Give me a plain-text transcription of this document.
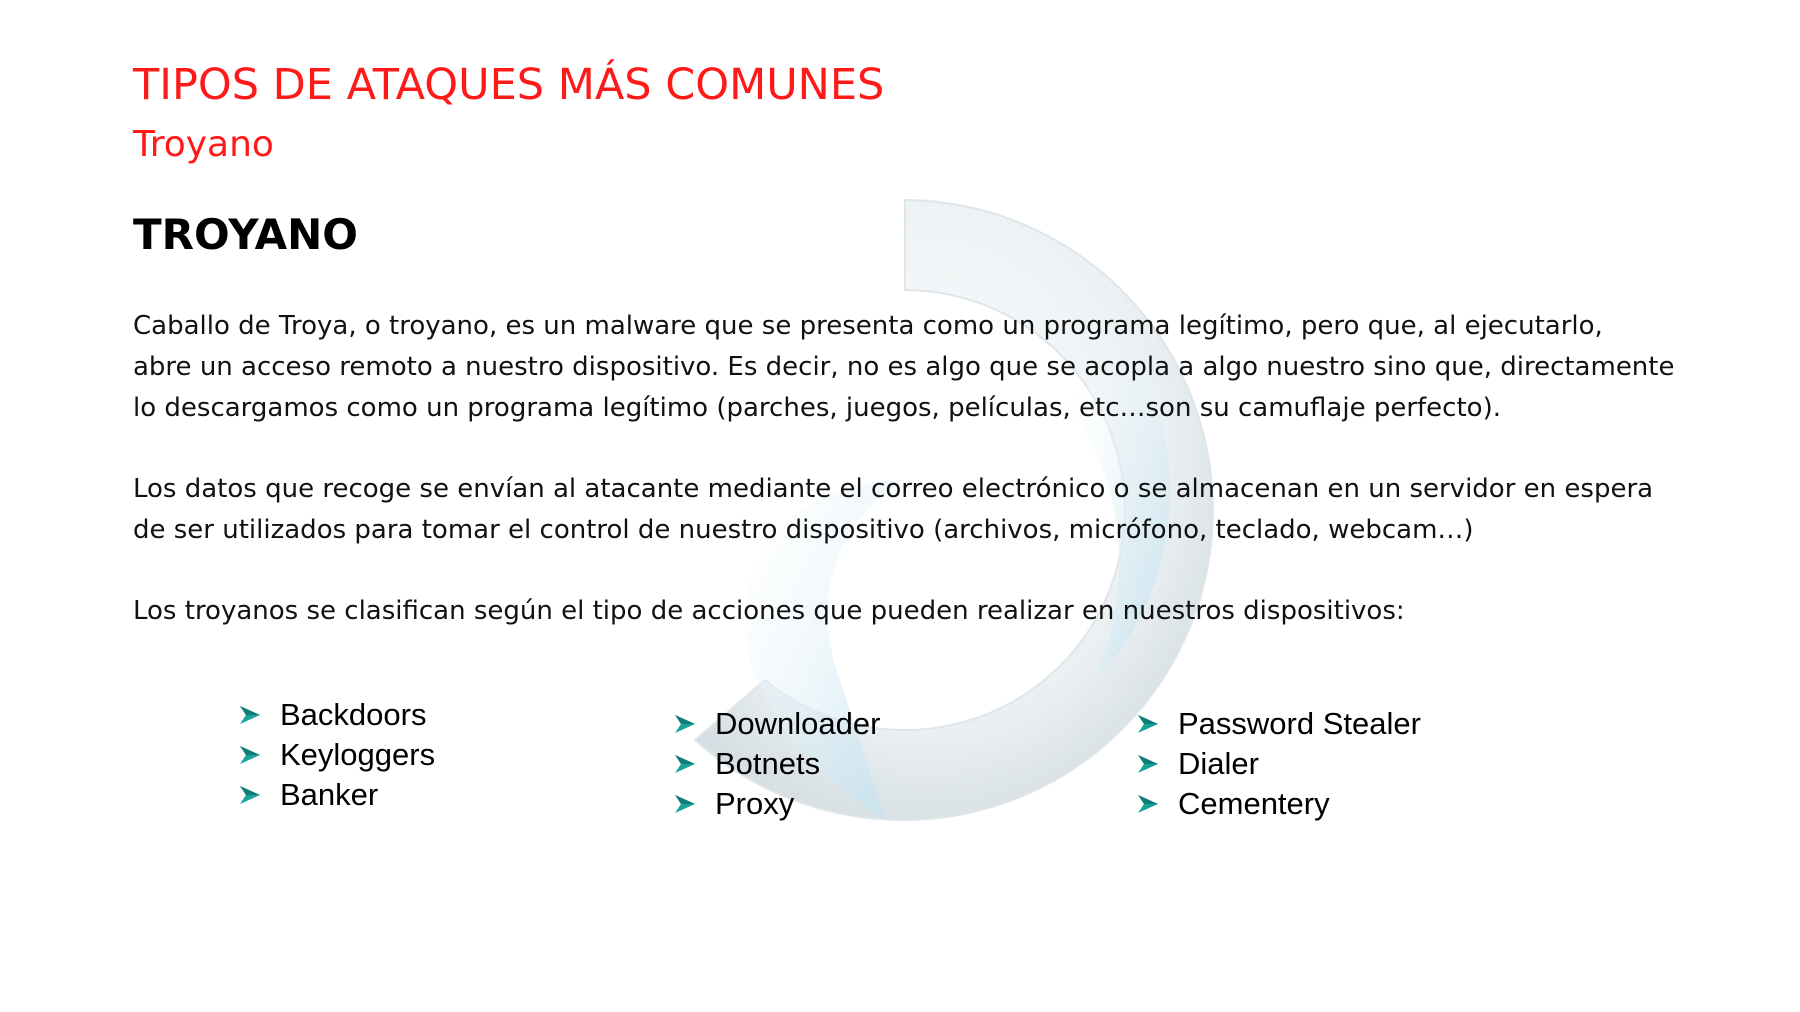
TIPOS DE ATAQUES MÁS COMUNES
Troyano
TROYANO

Caballo de Troya, o troyano, es un malware que se presenta como un programa legítimo, pero que, al ejecutarlo,
abre un acceso remoto a nuestro dispositivo. Es decir, no es algo que se acopla a algo nuestro sino que, directamente
lo descargamos como un programa legítimo (parches, juegos, películas, etc…son su camuflaje perfecto).

Los datos que recoge se envían al atacante mediante el correo electrónico o se almacenan en un servidor en espera
de ser utilizados para tomar el control de nuestro dispositivo (archivos, micrófono, teclado, webcam…)

Los troyanos se clasifican según el tipo de acciones que pueden realizar en nuestros dispositivos:

Backdoors
Keyloggers
Banker
Downloader
Botnets
Proxy
Password Stealer
Dialer
Cementery
